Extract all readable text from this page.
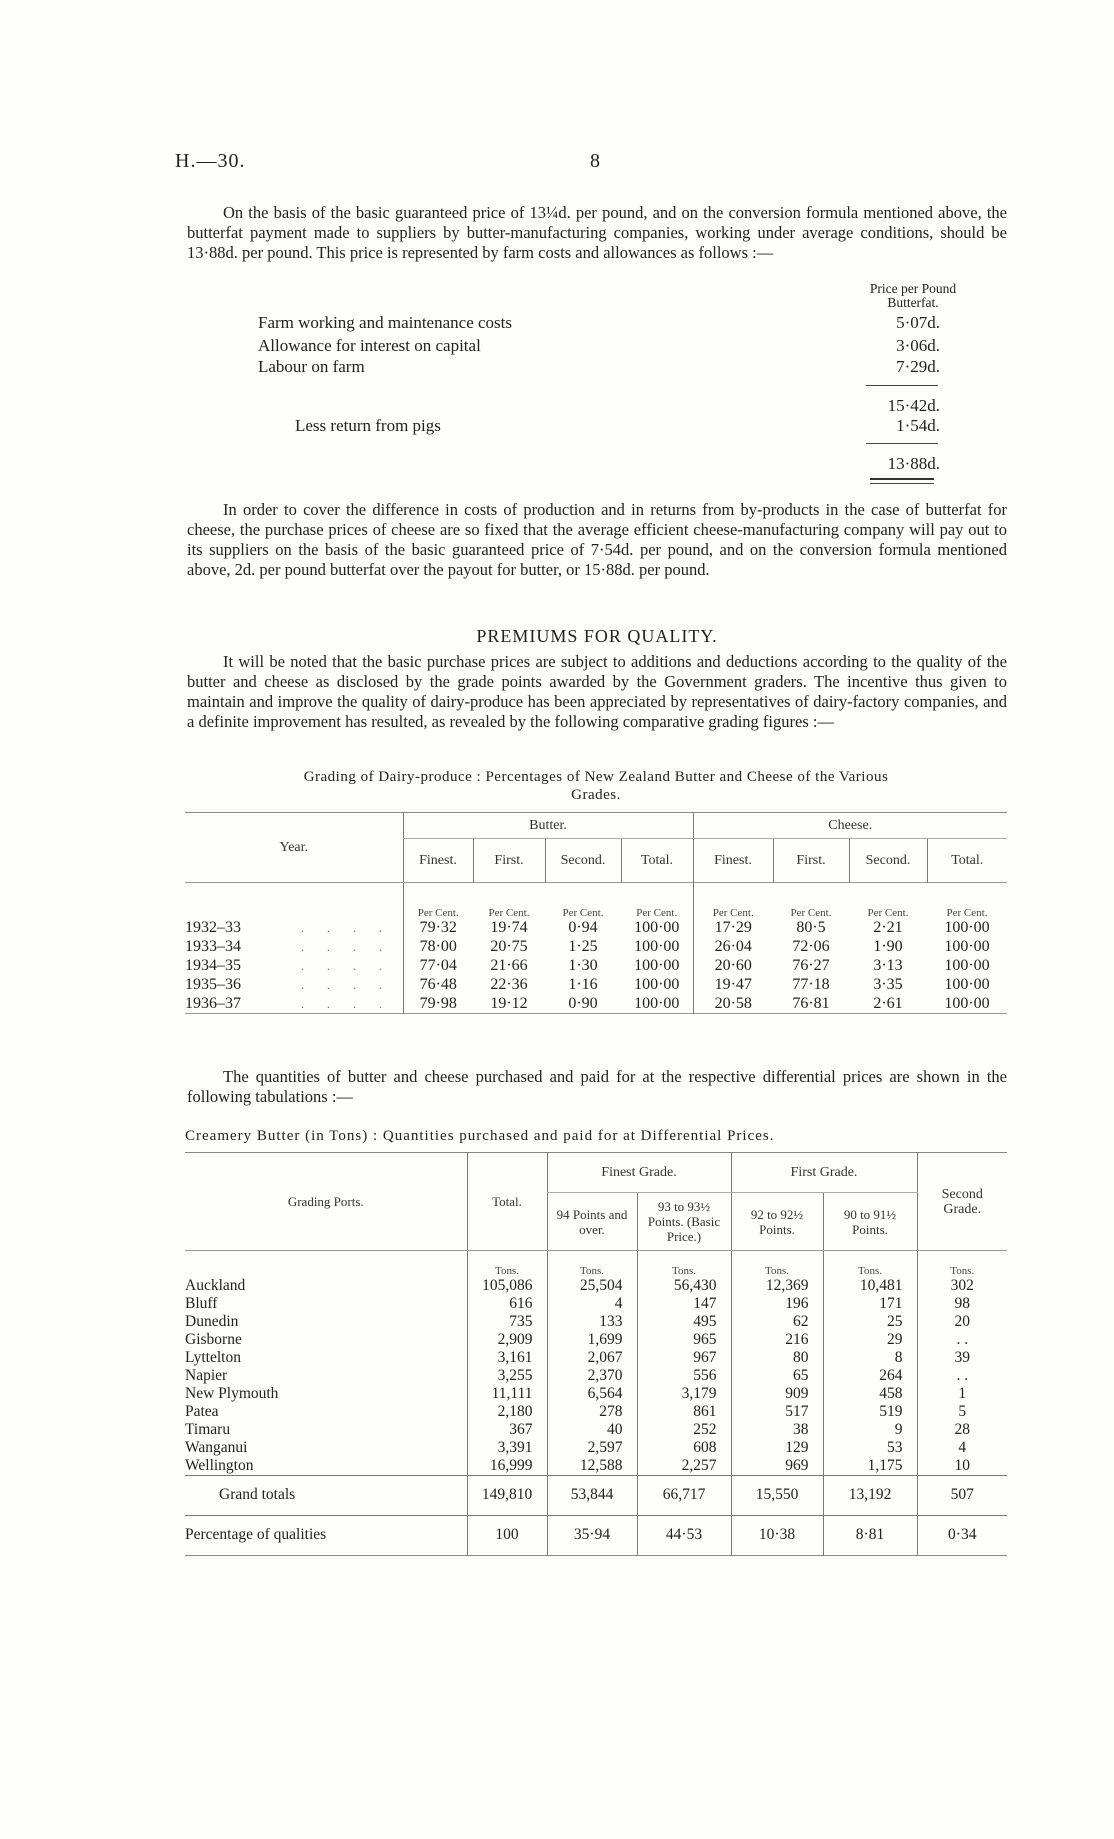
H.—30.	8

On the basis of the basic guaranteed price of 13¼d. per pound, and on the conversion formula mentioned above, the butterfat payment made to suppliers by butter-manufacturing companies, working under average conditions, should be 13·88d. per pound. This price is represented by farm costs and allowances as follows :—

Price per Pound
Butterfat.
Farm working and maintenance costs	5·07d.
Allowance for interest on capital	3·06d.
Labour on farm	7·29d.
15·42d.
Less return from pigs	1·54d.
13·88d.

In order to cover the difference in costs of production and in returns from by-products in the case of butterfat for cheese, the purchase prices of cheese are so fixed that the average efficient cheese-manufacturing company will pay out to its suppliers on the basis of the basic guaranteed price of 7·54d. per pound, and on the conversion formula mentioned above, 2d. per pound butterfat over the payout for butter, or 15·88d. per pound.

PREMIUMS FOR QUALITY.

It will be noted that the basic purchase prices are subject to additions and deductions according to the quality of the butter and cheese as disclosed by the grade points awarded by the Government graders. The incentive thus given to maintain and improve the quality of dairy-produce has been appreciated by representatives of dairy-factory companies, and a definite improvement has resulted, as revealed by the following comparative grading figures :—

Grading of Dairy-produce : Percentages of New Zealand Butter and Cheese of the Various
Grades.
Year.	Butter.				Cheese.			
	Finest.	First.	Second.	Total.	Finest.	First.	Second.	Total.
	Per Cent.	Per Cent.	Per Cent.	Per Cent.	Per Cent.	Per Cent.	Per Cent.	Per Cent.
1932–33 . . . .	79·32	19·74	0·94	100·00	17·29	80·5	2·21	100·00
1933–34 . . . .	78·00	20·75	1·25	100·00	26·04	72·06	1·90	100·00
1934–35 . . . .	77·04	21·66	1·30	100·00	20·60	76·27	3·13	100·00
1935–36 . . . .	76·48	22·36	1·16	100·00	19·47	77·18	3·35	100·00
1936–37 . . . .	79·98	19·12	0·90	100·00	20·58	76·81	2·61	100·00

The quantities of butter and cheese purchased and paid for at the respective differential prices are shown in the following tabulations :—

Creamery Butter (in Tons) : Quantities purchased and paid for at Differential Prices.
Grading Ports.	Total.	Finest Grade.		First Grade.		Second Grade.
		94 Points and over.	93 to 93½ Points. (Basic Price.)	92 to 92½ Points.	90 to 91½ Points.	
	Tons.	Tons.	Tons.	Tons.	Tons.	Tons.
Auckland	105,086	25,504	56,430	12,369	10,481	302
Bluff	616	4	147	196	171	98
Dunedin	735	133	495	62	25	20
Gisborne	2,909	1,699	965	216	29	. .
Lyttelton	3,161	2,067	967	80	8	39
Napier	3,255	2,370	556	65	264	. .
New Plymouth	11,111	6,564	3,179	909	458	1
Patea	2,180	278	861	517	519	5
Timaru	367	40	252	38	9	28
Wanganui	3,391	2,597	608	129	53	4
Wellington	16,999	12,588	2,257	969	1,175	10
Grand totals	149,810	53,844	66,717	15,550	13,192	507
Percentage of qualities	100	35·94	44·53	10·38	8·81	0·34
